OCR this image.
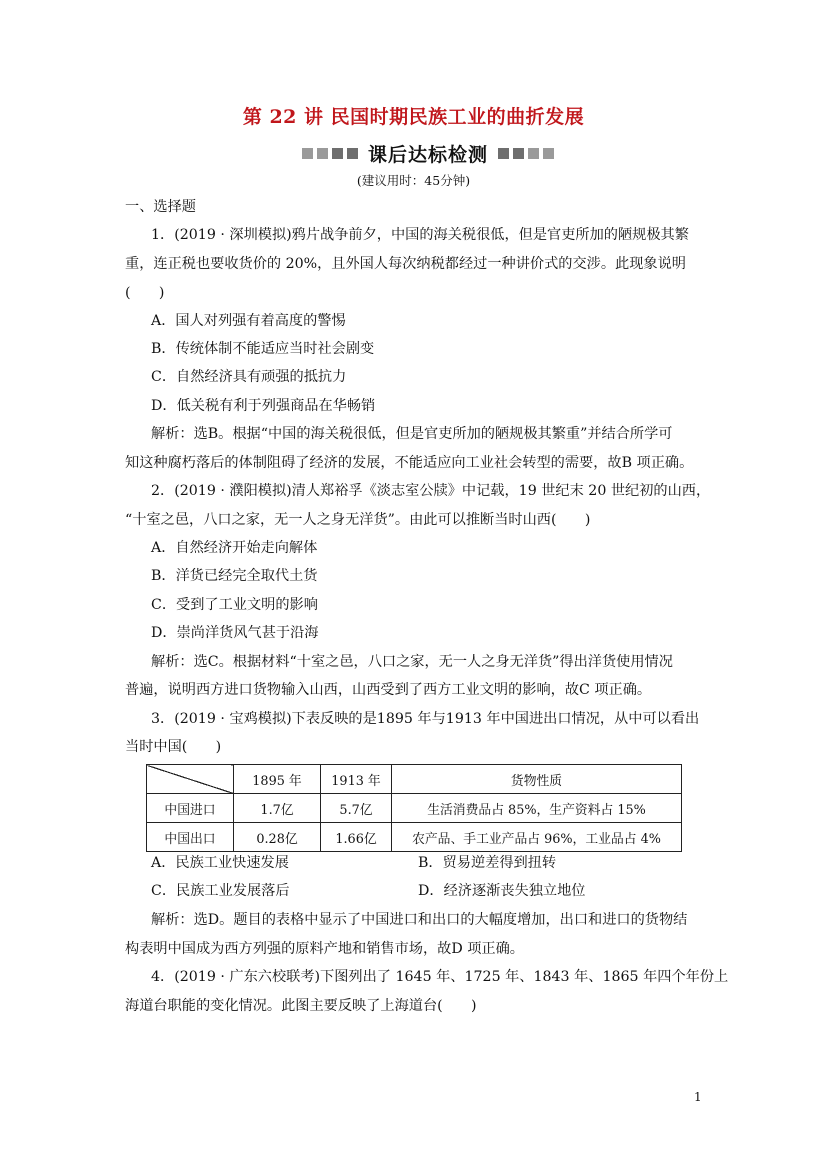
第 22 讲 民国时期民族工业的曲折发展
课后达标检测
(建议用时：45分钟)
一、选择题
1．(2019 · 深圳模拟)鸦片战争前夕，中国的海关税很低，但是官吏所加的陋规极其繁
重，连正税也要收货价的 20%，且外国人每次纳税都经过一种讲价式的交涉。此现象说明
(　　)
A．国人对列强有着高度的警惕
B．传统体制不能适应当时社会剧变
C．自然经济具有顽强的抵抗力
D．低关税有利于列强商品在华畅销
解析：选B。根据“中国的海关税很低，但是官吏所加的陋规极其繁重”并结合所学可
知这种腐朽落后的体制阻碍了经济的发展，不能适应向工业社会转型的需要，故B 项正确。
2．(2019 · 濮阳模拟)清人郑裕孚《淡志室公牍》中记载，19 世纪末 20 世纪初的山西，
“十室之邑，八口之家，无一人之身无洋货”。由此可以推断当时山西(　　)
A．自然经济开始走向解体
B．洋货已经完全取代土货
C．受到了工业文明的影响
D．崇尚洋货风气甚于沿海
解析：选C。根据材料“十室之邑，八口之家，无一人之身无洋货”得出洋货使用情况
普遍，说明西方进口货物输入山西，山西受到了西方工业文明的影响，故C 项正确。
3．(2019 · 宝鸡模拟)下表反映的是1895 年与1913 年中国进出口情况，从中可以看出
当时中国(　　)
	1895 年	1913 年	货物性质
中国进口	1.7亿	5.7亿	生活消费品占 85%，生产资料占 15%
中国出口	0.28亿	1.66亿	农产品、手工业产品占 96%，工业品占 4%
A．民族工业快速发展	B．贸易逆差得到扭转
C．民族工业发展落后	D．经济逐渐丧失独立地位
解析：选D。题目的表格中显示了中国进口和出口的大幅度增加，出口和进口的货物结
构表明中国成为西方列强的原料产地和销售市场，故D 项正确。
4．(2019 · 广东六校联考)下图列出了 1645 年、1725 年、1843 年、1865 年四个年份上
海道台职能的变化情况。此图主要反映了上海道台(　　)
1
